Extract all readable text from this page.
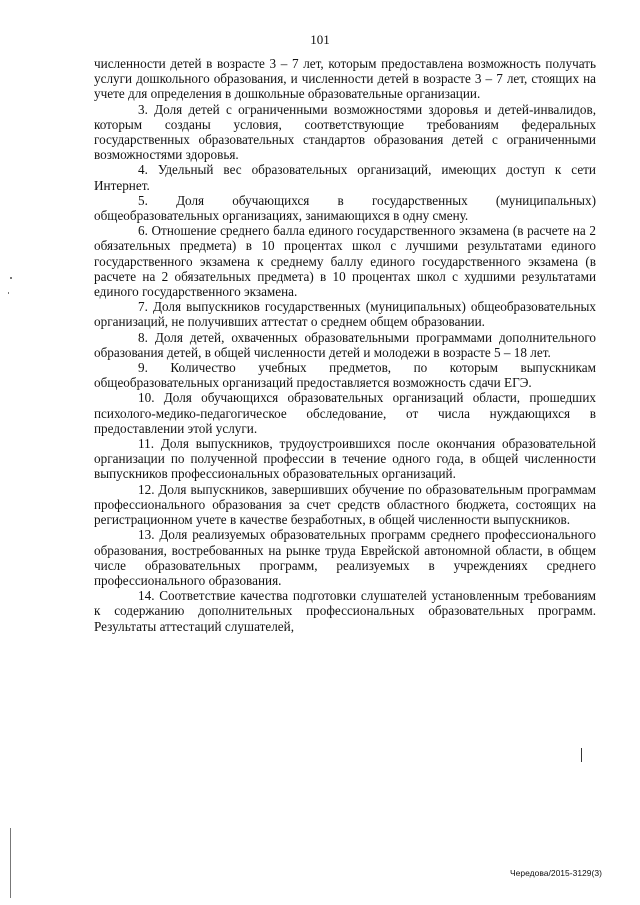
101

численности детей в возрасте 3 – 7 лет, которым предоставлена возможность получать услуги дошкольного образования, и численности детей в возрасте 3 – 7 лет, стоящих на учете для определения в дошкольные образовательные организации.

3. Доля детей с ограниченными возможностями здоровья и детей-инвалидов, которым созданы условия, соответствующие требованиям федеральных государственных образовательных стандартов образования детей с ограниченными возможностями здоровья.

4. Удельный вес образовательных организаций, имеющих доступ к сети Интернет.

5. Доля обучающихся в государственных (муниципальных) общеобразовательных организациях, занимающихся в одну смену.

6. Отношение среднего балла единого государственного экзамена (в расчете на 2 обязательных предмета) в 10 процентах школ с лучшими результатами единого государственного экзамена к среднему баллу единого государственного экзамена (в расчете на 2 обязательных предмета) в 10 процентах школ с худшими результатами единого государственного экзамена.

7. Доля выпускников государственных (муниципальных) общеобразовательных организаций, не получивших аттестат о среднем общем образовании.

8. Доля детей, охваченных образовательными программами дополнительного образования детей, в общей численности детей и молодежи в возрасте 5 – 18 лет.

9. Количество учебных предметов, по которым выпускникам общеобразовательных организаций предоставляется возможность сдачи ЕГЭ.

10. Доля обучающихся образовательных организаций области, прошедших психолого-медико-педагогическое обследование, от числа нуждающихся в предоставлении этой услуги.

11. Доля выпускников, трудоустроившихся после окончания образовательной организации по полученной профессии в течение одного года, в общей численности выпускников профессиональных образовательных организаций.

12. Доля выпускников, завершивших обучение по образовательным программам профессионального образования за счет средств областного бюджета, состоящих на регистрационном учете в качестве безработных, в общей численности выпускников.

13. Доля реализуемых образовательных программ среднего профессионального образования, востребованных на рынке труда Еврейской автономной области, в общем числе образовательных программ, реализуемых в учреждениях среднего профессионального образования.

14. Соответствие качества подготовки слушателей установленным требованиям к содержанию дополнительных профессиональных образовательных программ. Результаты аттестаций слушателей,

Чередова/2015-3129(3)
